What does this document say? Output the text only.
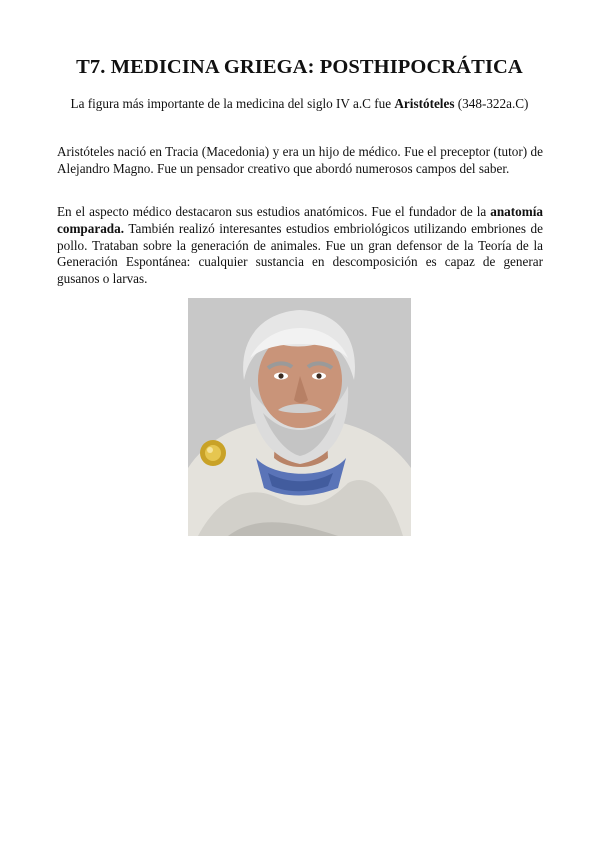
T7. MEDICINA GRIEGA: POSTHIPOCRÁTICA

La figura más importante de la medicina del siglo IV a.C fue Aristóteles (348-322a.C)

Aristóteles nació en Tracia (Macedonia) y era un hijo de médico. Fue el preceptor (tutor) de Alejandro Magno. Fue un pensador creativo que abordó numerosos campos del saber.

En el aspecto médico destacaron sus estudios anatómicos. Fue el fundador de la anatomía comparada. También realizó interesantes estudios embriológicos utilizando embriones de pollo. Trataban sobre la generación de animales. Fue un gran defensor de la Teoría de la Generación Espontánea: cualquier sustancia en descomposición es capaz de generar gusanos o larvas.
